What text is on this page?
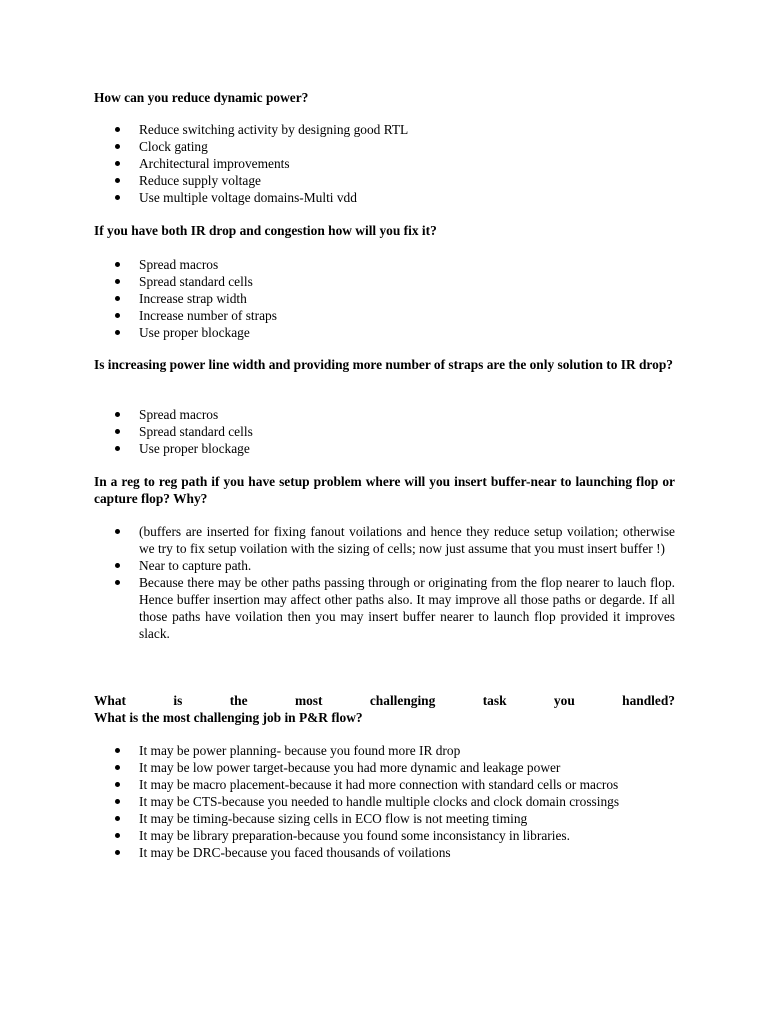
How can you reduce dynamic power?

Reduce switching activity by designing good RTL
Clock gating
Architectural improvements
Reduce supply voltage
Use multiple voltage domains-Multi vdd

If you have both IR drop and congestion how will you fix it?

Spread macros
Spread standard cells
Increase strap width
Increase number of straps
Use proper blockage

Is increasing power line width and providing more number of straps are the only solution to IR drop?

Spread macros
Spread standard cells
Use proper blockage

In a reg to reg path if you have setup problem where will you insert buffer-near to launching flop or capture flop? Why?

(buffers are inserted for fixing fanout voilations and hence they reduce setup voilation; otherwise we try to fix setup voilation with the sizing of cells; now just assume that you must insert buffer !)
Near to capture path.
Because there may be other paths passing through or originating from the flop nearer to lauch flop. Hence buffer insertion may affect other paths also. It may improve all those paths or degarde. If all those paths have voilation then you may insert buffer nearer to launch flop provided it improves slack.

What is the most challenging task you handled?

What is the most challenging job in P&R flow?

It may be power planning- because you found more IR drop
It may be low power target-because you had more dynamic and leakage power
It may be macro placement-because it had more connection with standard cells or macros
It may be CTS-because you needed to handle multiple clocks and clock domain crossings
It may be timing-because sizing cells in ECO flow is not meeting timing
It may be library preparation-because you found some inconsistancy in libraries.
It may be DRC-because you faced thousands of voilations
